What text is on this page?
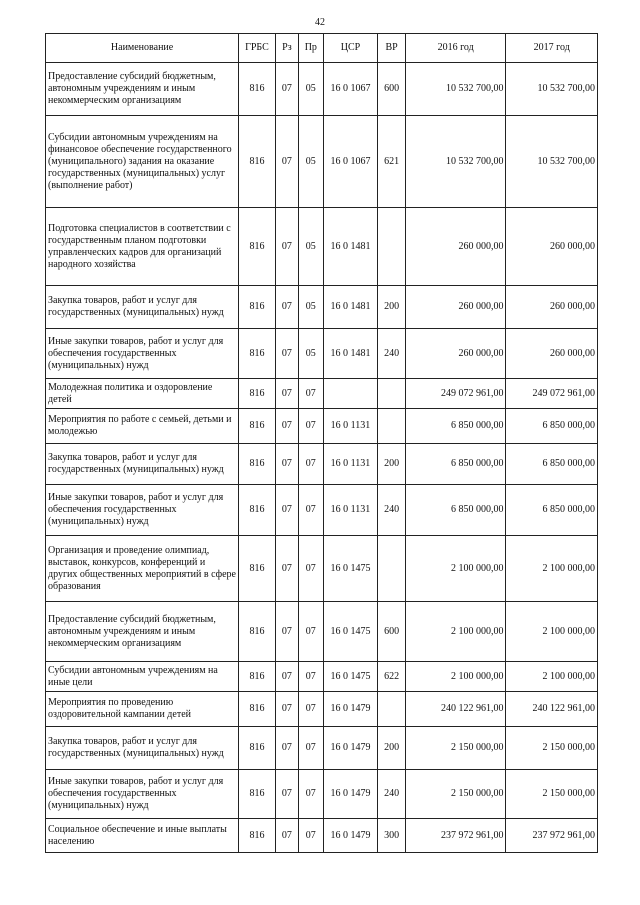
42
Наименование	ГРБС	Рз	Пр	ЦСР	ВР	2016 год	2017 год
Предоставление субсидий бюджетным, автономным учреждениям и иным некоммерческим организациям	816	07	05	16 0 1067	600	10 532 700,00	10 532 700,00
Субсидии автономным учреждениям на финансовое обеспечение государственного (муниципального) задания на оказание государственных (муниципальных) услуг (выполнение работ)	816	07	05	16 0 1067	621	10 532 700,00	10 532 700,00
Подготовка специалистов в соответствии с государственным планом подготовки управленческих кадров для организаций народного хозяйства	816	07	05	16 0 1481		260 000,00	260 000,00
Закупка товаров, работ и услуг для государственных (муниципальных) нужд	816	07	05	16 0 1481	200	260 000,00	260 000,00
Иные закупки товаров, работ и услуг для обеспечения государственных (муниципальных) нужд	816	07	05	16 0 1481	240	260 000,00	260 000,00
Молодежная политика и оздоровление детей	816	07	07			249 072 961,00	249 072 961,00
Мероприятия по работе с семьей, детьми и молодежью	816	07	07	16 0 1131		6 850 000,00	6 850 000,00
Закупка товаров, работ и услуг для государственных (муниципальных) нужд	816	07	07	16 0 1131	200	6 850 000,00	6 850 000,00
Иные закупки товаров, работ и услуг для обеспечения государственных (муниципальных) нужд	816	07	07	16 0 1131	240	6 850 000,00	6 850 000,00
Организация и проведение олимпиад, выставок, конкурсов, конференций и других общественных мероприятий в сфере образования	816	07	07	16 0 1475		2 100 000,00	2 100 000,00
Предоставление субсидий бюджетным, автономным учреждениям и иным некоммерческим организациям	816	07	07	16 0 1475	600	2 100 000,00	2 100 000,00
Субсидии автономным учреждениям на иные цели	816	07	07	16 0 1475	622	2 100 000,00	2 100 000,00
Мероприятия по проведению оздоровительной кампании детей	816	07	07	16 0 1479		240 122 961,00	240 122 961,00
Закупка товаров, работ и услуг для государственных (муниципальных) нужд	816	07	07	16 0 1479	200	2 150 000,00	2 150 000,00
Иные закупки товаров, работ и услуг для обеспечения государственных (муниципальных) нужд	816	07	07	16 0 1479	240	2 150 000,00	2 150 000,00
Социальное обеспечение и иные выплаты населению	816	07	07	16 0 1479	300	237 972 961,00	237 972 961,00
